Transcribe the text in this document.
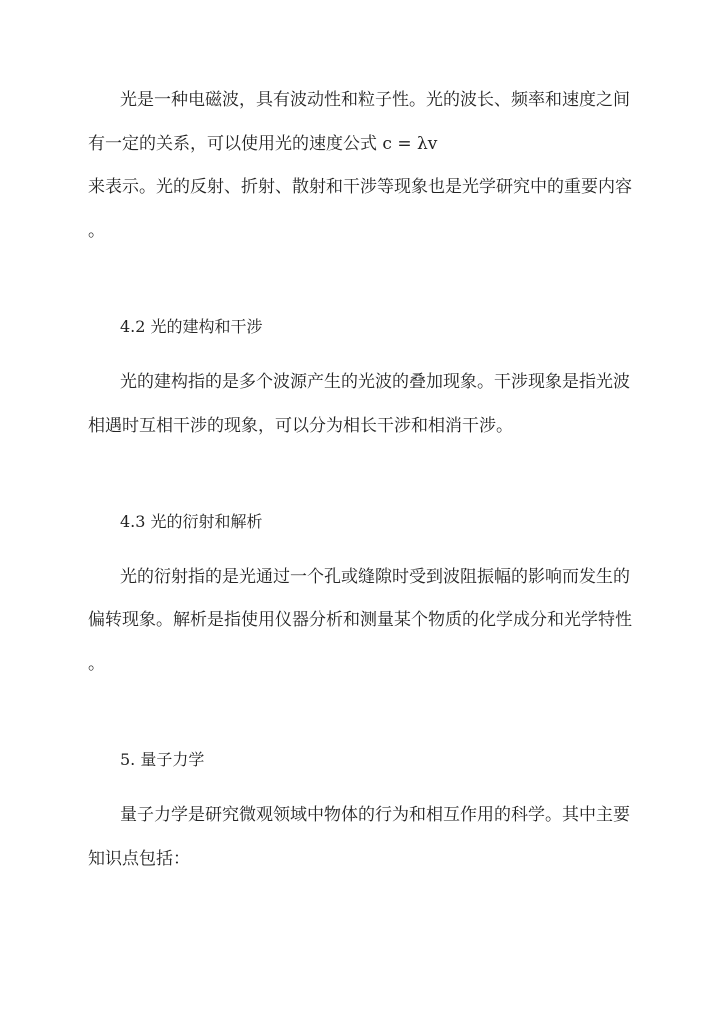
光是一种电磁波，具有波动性和粒子性。光的波长、频率和速度之间
有一定的关系，可以使用光的速度公式 c = λv
来表示。光的反射、折射、散射和干涉等现象也是光学研究中的重要内容
。
4.2 光的建构和干涉
光的建构指的是多个波源产生的光波的叠加现象。干涉现象是指光波
相遇时互相干涉的现象，可以分为相长干涉和相消干涉。
4.3 光的衍射和解析
光的衍射指的是光通过一个孔或缝隙时受到波阻振幅的影响而发生的
偏转现象。解析是指使用仪器分析和测量某个物质的化学成分和光学特性
。
5. 量子力学
量子力学是研究微观领域中物体的行为和相互作用的科学。其中主要
知识点包括：
